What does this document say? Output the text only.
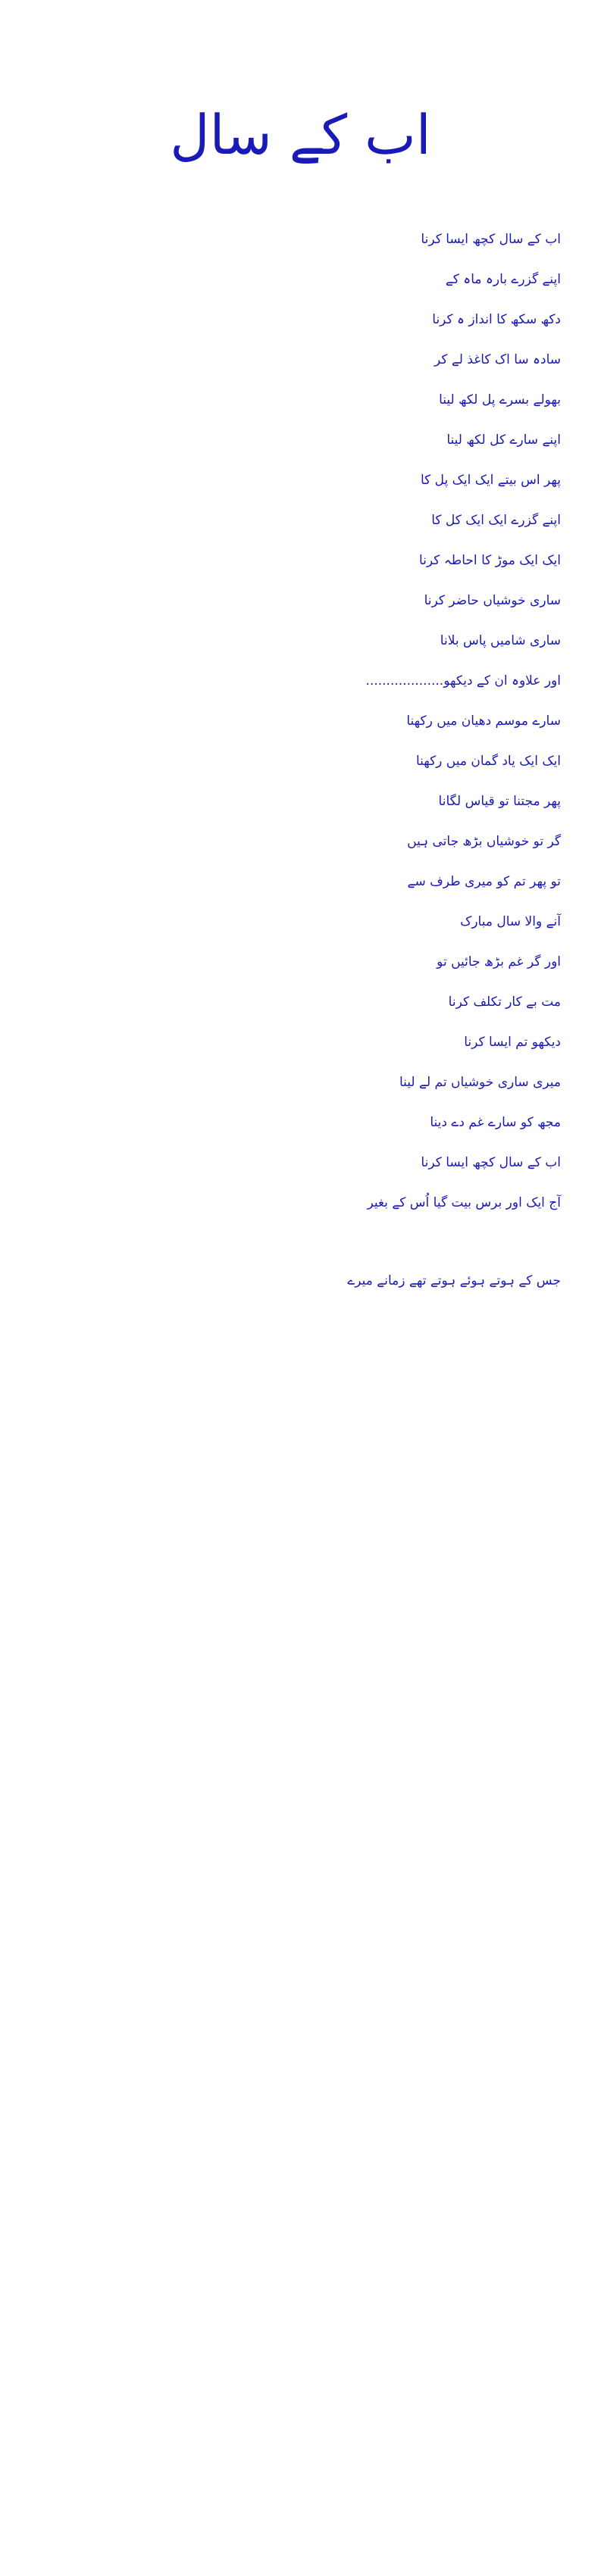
اب کے سال
اب کے سال کچھ ایسا کرنا
اپنے گزرے بارہ ماہ کے
دکھ سکھ کا انداز ہ کرنا
سادہ سا اک کاغذ لے کر
بھولے بسرے پل لکھ لینا
اپنے سارے کل لکھ لینا
پھر اس بیتے ایک ایک پل کا
اپنے گزرے ایک ایک کل کا
ایک ایک موڑ کا احاطہ کرنا
ساری خوشیاں حاضر کرنا
ساری شامیں پاس بلانا
اور علاوہ ان کے دیکھو...................
سارے موسم دھیان میں رکھنا
ایک ایک یاد گمان میں رکھنا
پھر مجتنا تو قیاس لگانا
گر تو خوشیاں بڑھ جاتی ہیں
تو پھر تم کو میری طرف سے
آنے والا سال مبارک
اور گر غم بڑھ جائیں تو
مت بے کار تکلف کرنا
دیکھو تم ایسا کرنا
میری ساری خوشیاں تم لے لینا
مجھ کو سارے غم دے دینا
اب کے سال کچھ ایسا کرنا
آج ایک اور برس بیت گیا اُس کے بغیر
جس کے ہوتے ہوئے ہوتے تھے زمانے میرے
